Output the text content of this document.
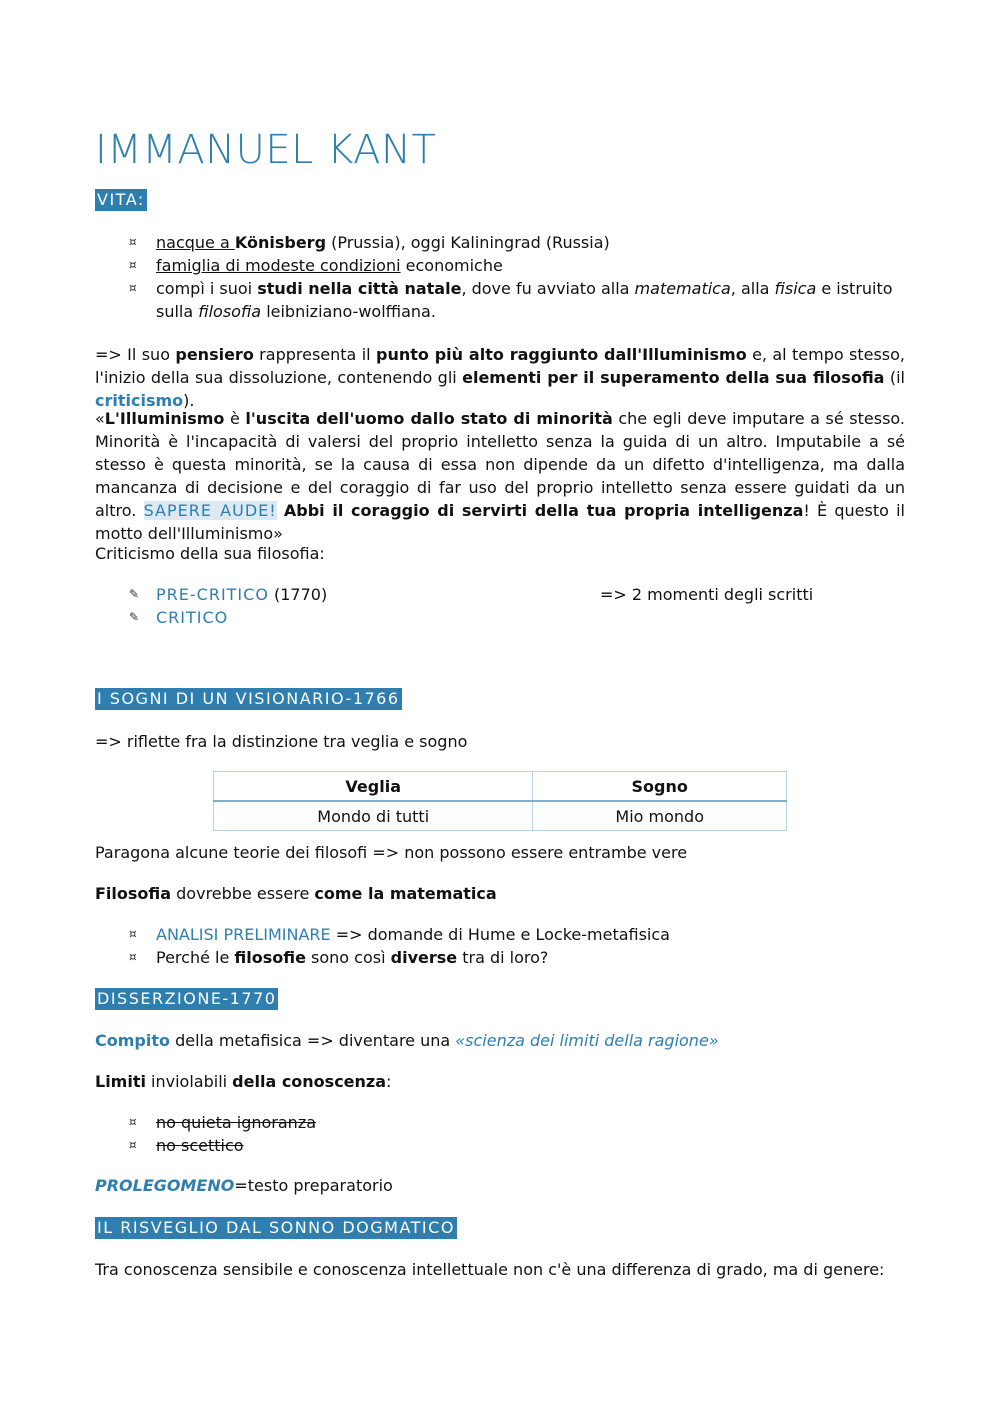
IMMANUEL KANT
VITA:
¤ nacque a Könisberg (Prussia), oggi Kaliningrad (Russia)
¤ famiglia di modeste condizioni economiche
¤ compì i suoi studi nella città natale, dove fu avviato alla matematica, alla fisica e istruito sulla filosofia leibniziano-wolffiana.

=> Il suo pensiero rappresenta il punto più alto raggiunto dall'Illuminismo e, al tempo stesso, l'inizio della sua dissoluzione, contenendo gli elementi per il superamento della sua filosofia (il criticismo).

«L'Illuminismo è l'uscita dell'uomo dallo stato di minorità che egli deve imputare a sé stesso. Minorità è l'incapacità di valersi del proprio intelletto senza la guida di un altro. Imputabile a sé stesso è questa minorità, se la causa di essa non dipende da un difetto d'intelligenza, ma dalla mancanza di decisione e del coraggio di far uso del proprio intelletto senza essere guidati da un altro. SAPERE AUDE! Abbi il coraggio di servirti della tua propria intelligenza! È questo il motto dell'Illuminismo»

Criticismo della sua filosofia:
✎ PRE-CRITICO (1770)	=> 2 momenti degli scritti
✎ CRITICO
I SOGNI DI UN VISIONARIO-1766
=> riflette fra la distinzione tra veglia e sogno
Veglia	Sogno
Mondo di tutti	Mio mondo
Paragona alcune teorie dei filosofi => non possono essere entrambe vere
Filosofia dovrebbe essere come la matematica
¤ ANALISI PRELIMINARE => domande di Hume e Locke-metafisica
¤ Perché le filosofie sono così diverse tra di loro?
DISSERZIONE-1770
Compito della metafisica => diventare una «scienza dei limiti della ragione»
Limiti inviolabili della conoscenza:
¤ no quieta ignoranza
¤ no scettico
PROLEGOMENO=testo preparatorio
IL RISVEGLIO DAL SONNO DOGMATICO
Tra conoscenza sensibile e conoscenza intellettuale non c'è una differenza di grado, ma di genere:
